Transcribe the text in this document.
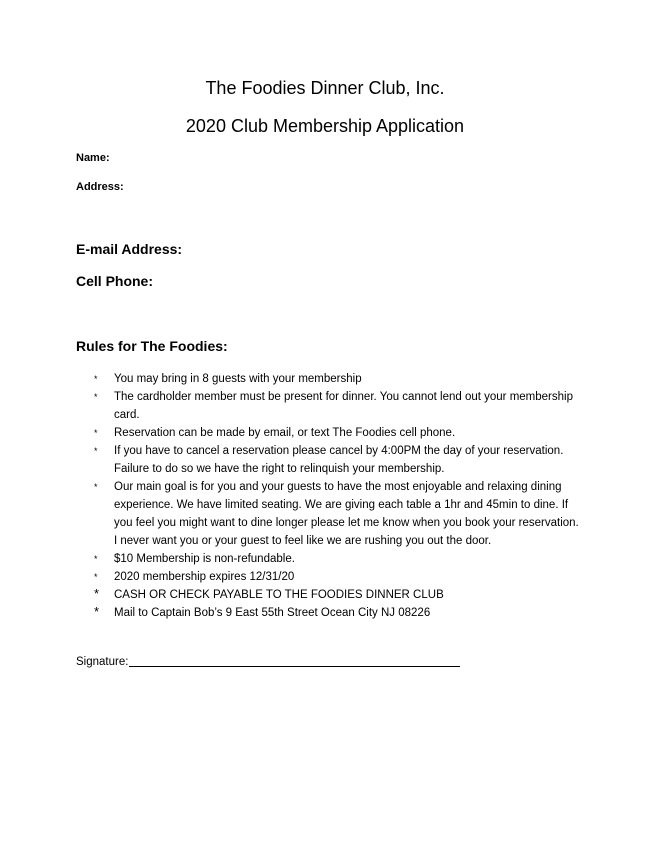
The Foodies Dinner Club, Inc.
2020 Club Membership Application
Name:
Address:
E-mail Address:
Cell Phone:
Rules for The Foodies:
*	You may bring in 8 guests with your membership
*	The cardholder member must be present for dinner. You cannot lend out your membership card.
*	Reservation can be made by email, or text The Foodies cell phone.
*	If you have to cancel a reservation please cancel by 4:00PM the day of your reservation. Failure to do so we have the right to relinquish your membership.
*	Our main goal is for you and your guests to have the most enjoyable and relaxing dining experience. We have limited seating. We are giving each table a 1hr and 45min to dine. If you feel you might want to dine longer please let me know when you book your reservation. I never want you or your guest to feel like we are rushing you out the door.
*	$10 Membership is non-refundable.
*	2020 membership expires 12/31/20
*	CASH OR CHECK PAYABLE TO THE FOODIES DINNER CLUB
*	Mail to Captain Bob’s 9 East 55th Street Ocean City NJ 08226
Signature:
